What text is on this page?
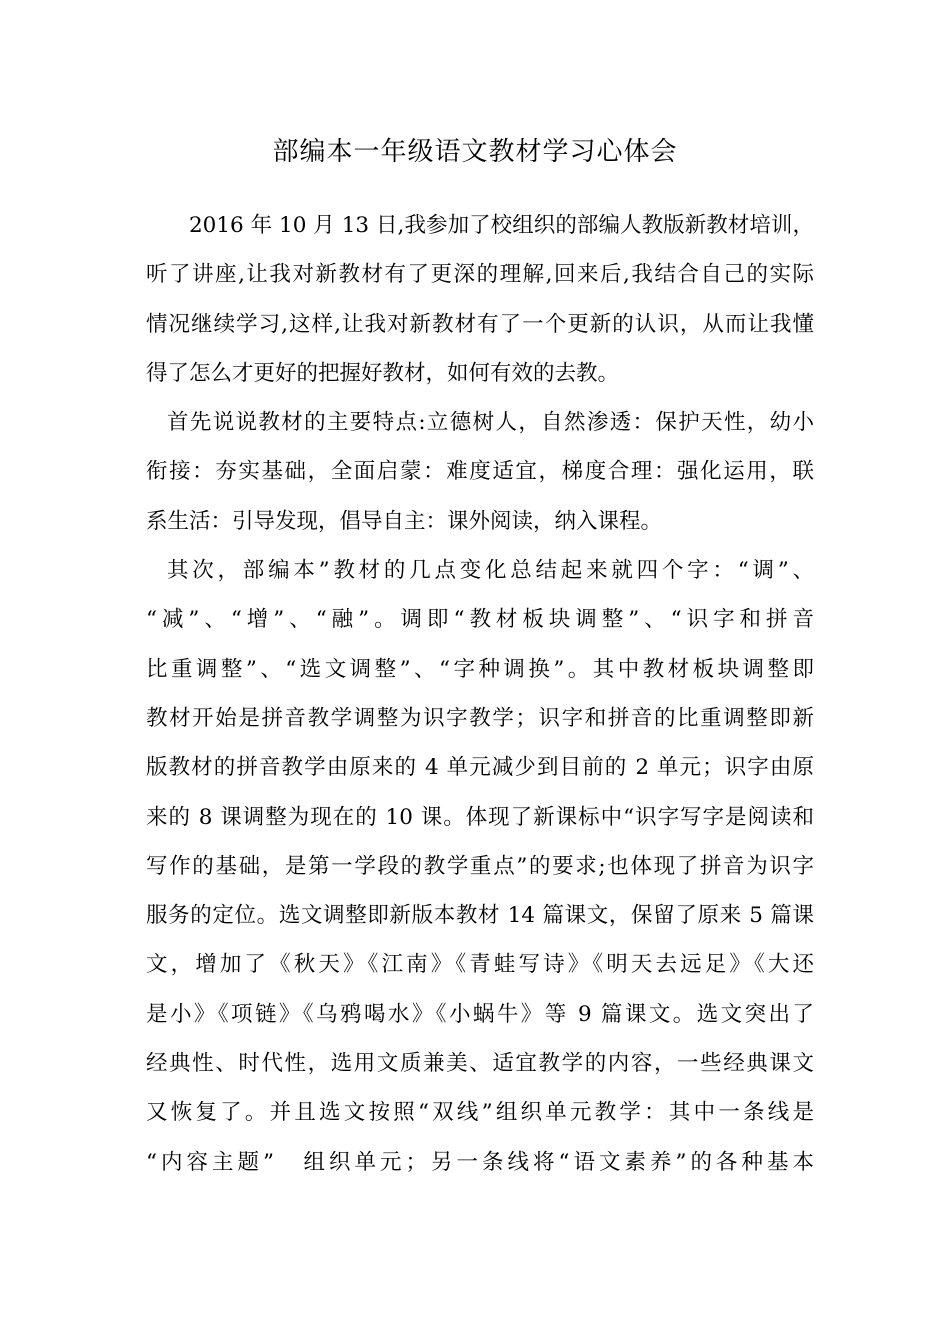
部编本一年级语文教材学习心体会
2016 年 10 月 13 日,我参加了校组织的部编人教版新教材培训，
听了讲座,让我对新教材有了更深的理解,回来后,我结合自己的实际
情况继续学习,这样,让我对新教材有了一个更新的认识，从而让我懂
得了怎么才更好的把握好教材，如何有效的去教。
首先说说教材的主要特点:立德树人，自然渗透：保护天性，幼小
衔接：夯实基础，全面启蒙：难度适宜，梯度合理：强化运用，联
系生活：引导发现，倡导自主：课外阅读，纳入课程。
其次，部编本”教材的几点变化总结起来就四个字：“调”、
“减”、“增”、“融”。调即“教材板块调整”、“识字和拼音
比重调整”、“选文调整”、“字种调换”。其中教材板块调整即
教材开始是拼音教学调整为识字教学；识字和拼音的比重调整即新
版教材的拼音教学由原来的 4 单元减少到目前的 2 单元；识字由原
来的 8 课调整为现在的 10 课。体现了新课标中“识字写字是阅读和
写作的基础，是第一学段的教学重点”的要求;也体现了拼音为识字
服务的定位。选文调整即新版本教材 14 篇课文，保留了原来 5 篇课
文，增加了《秋天》《江南》《青蛙写诗》《明天去远足》《大还
是小》《项链》《乌鸦喝水》《小蜗牛》等 9 篇课文。选文突出了
经典性、时代性，选用文质兼美、适宜教学的内容，一些经典课文
又恢复了。并且选文按照“双线”组织单元教学：其中一条线是
“内容主题”　组织单元；另一条线将“语文素养”的各种基本
